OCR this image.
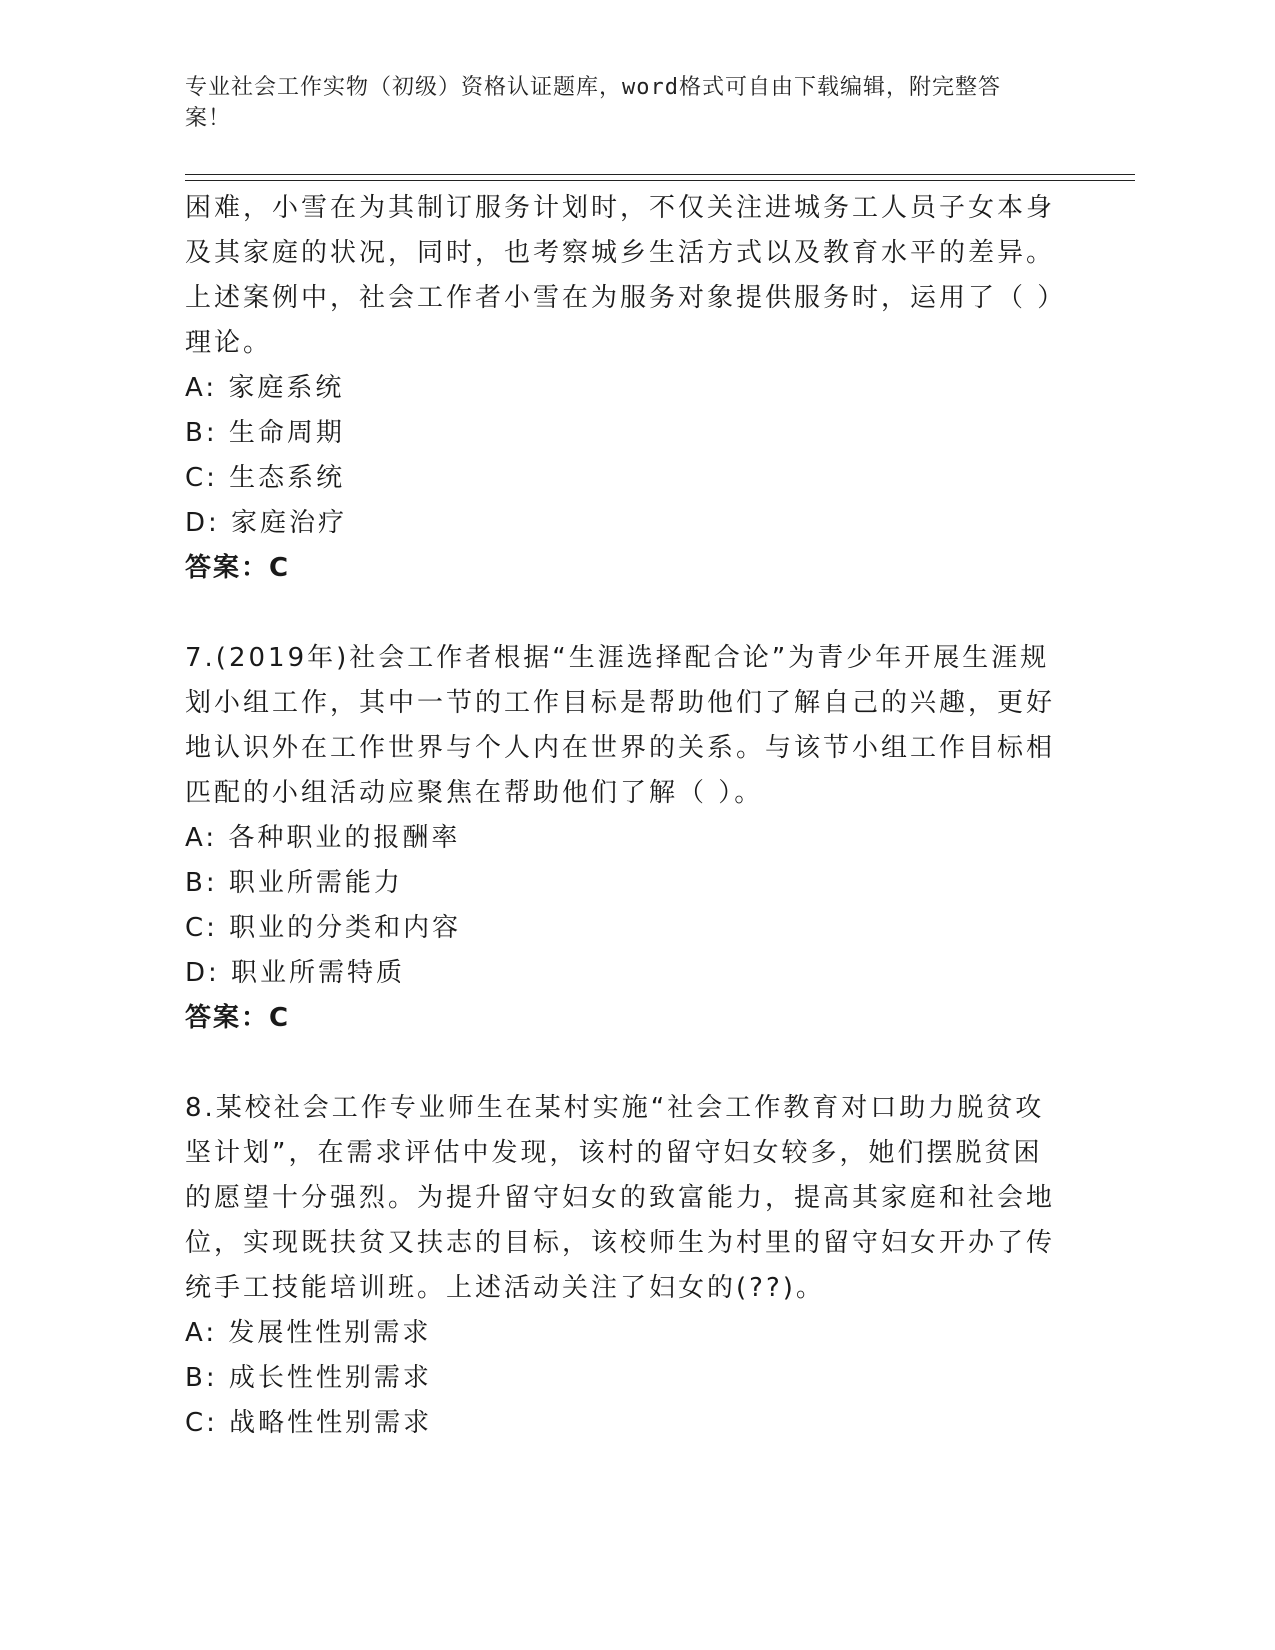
专业社会工作实物（初级）资格认证题库，word格式可自由下载编辑，附完整答
案！
困难，小雪在为其制订服务计划时，不仅关注进城务工人员子女本身
及其家庭的状况，同时，也考察城乡生活方式以及教育水平的差异。
上述案例中，社会工作者小雪在为服务对象提供服务时，运用了（ ）
理论。
A: 家庭系统
B: 生命周期
C: 生态系统
D: 家庭治疗
答案：C
7.(2019年)社会工作者根据“生涯选择配合论”为青少年开展生涯规
划小组工作，其中一节的工作目标是帮助他们了解自己的兴趣，更好
地认识外在工作世界与个人内在世界的关系。与该节小组工作目标相
匹配的小组活动应聚焦在帮助他们了解（ ）。
A: 各种职业的报酬率
B: 职业所需能力
C: 职业的分类和内容
D: 职业所需特质
答案：C
8.某校社会工作专业师生在某村实施“社会工作教育对口助力脱贫攻
坚计划”，在需求评估中发现，该村的留守妇女较多，她们摆脱贫困
的愿望十分强烈。为提升留守妇女的致富能力，提高其家庭和社会地
位，实现既扶贫又扶志的目标，该校师生为村里的留守妇女开办了传
统手工技能培训班。上述活动关注了妇女的(??)。
A: 发展性性别需求
B: 成长性性别需求
C: 战略性性别需求
